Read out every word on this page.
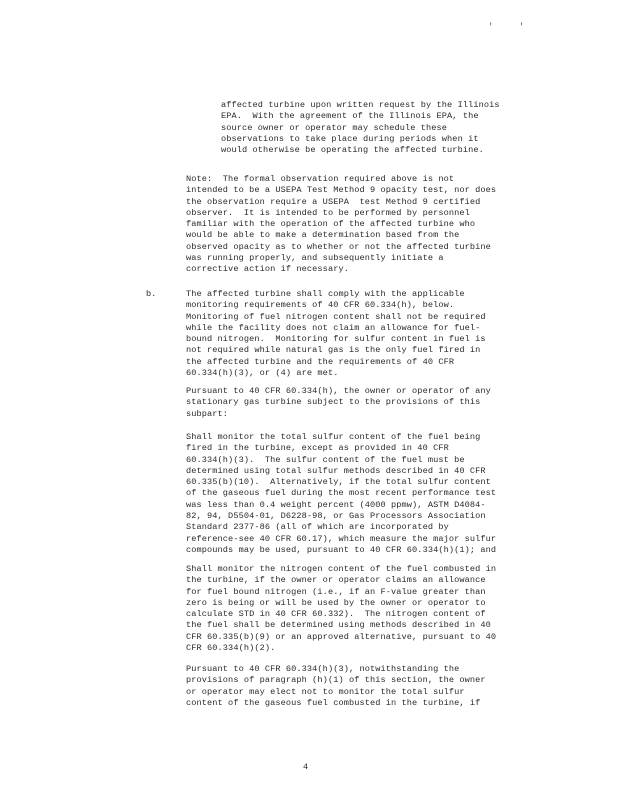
' '
affected turbine upon written request by the Illinois
EPA.  With the agreement of the Illinois EPA, the
source owner or operator may schedule these
observations to take place during periods when it
would otherwise be operating the affected turbine.
Note:  The formal observation required above is not
intended to be a USEPA Test Method 9 opacity test, nor does
the observation require a USEPA  test Method 9 certified
observer.  It is intended to be performed by personnel
familiar with the operation of the affected turbine who
would be able to make a determination based from the
observed opacity as to whether or not the affected turbine
was running properly, and subsequently initiate a
corrective action if necessary.
b.	The affected turbine shall comply with the applicable
monitoring requirements of 40 CFR 60.334(h), below.
Monitoring of fuel nitrogen content shall not be required
while the facility does not claim an allowance for fuel-
bound nitrogen.  Monitoring for sulfur content in fuel is
not required while natural gas is the only fuel fired in
the affected turbine and the requirements of 40 CFR
60.334(h)(3), or (4) are met.
Pursuant to 40 CFR 60.334(h), the owner or operator of any
stationary gas turbine subject to the provisions of this
subpart:
Shall monitor the total sulfur content of the fuel being
fired in the turbine, except as provided in 40 CFR
60.334(h)(3).  The sulfur content of the fuel must be
determined using total sulfur methods described in 40 CFR
60.335(b)(10).  Alternatively, if the total sulfur content
of the gaseous fuel during the most recent performance test
was less than 0.4 weight percent (4000 ppmw), ASTM D4084-
82, 94, D5504-01, D6228-98, or Gas Processors Association
Standard 2377-86 (all of which are incorporated by
reference-see 40 CFR 60.17), which measure the major sulfur
compounds may be used, pursuant to 40 CFR 60.334(h)(1); and
Shall monitor the nitrogen content of the fuel combusted in
the turbine, if the owner or operator claims an allowance
for fuel bound nitrogen (i.e., if an F-value greater than
zero is being or will be used by the owner or operator to
calculate STD in 40 CFR 60.332).  The nitrogen content of
the fuel shall be determined using methods described in 40
CFR 60.335(b)(9) or an approved alternative, pursuant to 40
CFR 60.334(h)(2).
Pursuant to 40 CFR 60.334(h)(3), notwithstanding the
provisions of paragraph (h)(1) of this section, the owner
or operator may elect not to monitor the total sulfur
content of the gaseous fuel combusted in the turbine, if
4
